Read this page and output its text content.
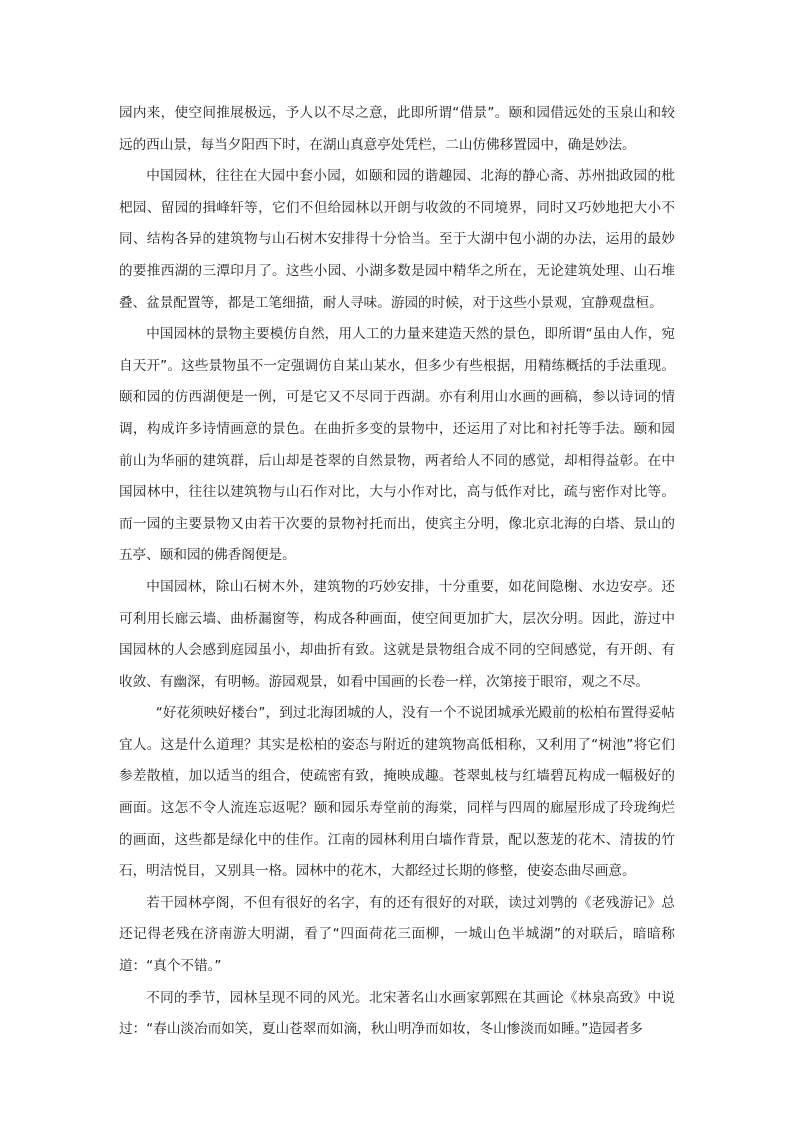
园内来，使空间推展极远，予人以不尽之意，此即所谓“借景”。颐和园借远处的玉泉山和较远的西山景，每当夕阳西下时，在湖山真意亭处凭栏，二山仿佛移置园中，确是妙法。

中国园林，往往在大园中套小园，如颐和园的谐趣园、北海的静心斋、苏州拙政园的枇杷园、留园的揖峰轩等，它们不但给园林以开朗与收敛的不同境界，同时又巧妙地把大小不同、结构各异的建筑物与山石树木安排得十分恰当。至于大湖中包小湖的办法，运用的最妙的要推西湖的三潭印月了。这些小园、小湖多数是园中精华之所在，无论建筑处理、山石堆叠、盆景配置等，都是工笔细描，耐人寻味。游园的时候，对于这些小景观，宜静观盘桓。

中国园林的景物主要模仿自然，用人工的力量来建造天然的景色，即所谓“虽由人作，宛自天开”。这些景物虽不一定强调仿自某山某水，但多少有些根据，用精练概括的手法重现。颐和园的仿西湖便是一例，可是它又不尽同于西湖。亦有利用山水画的画稿，参以诗词的情调，构成许多诗情画意的景色。在曲折多变的景物中，还运用了对比和衬托等手法。颐和园前山为华丽的建筑群，后山却是苍翠的自然景物，两者给人不同的感觉，却相得益彰。在中国园林中，往往以建筑物与山石作对比，大与小作对比，高与低作对比，疏与密作对比等。而一园的主要景物又由若干次要的景物衬托而出，使宾主分明，像北京北海的白塔、景山的五亭、颐和园的佛香阁便是。

中国园林，除山石树木外，建筑物的巧妙安排，十分重要，如花间隐榭、水边安亭。还可利用长廊云墙、曲桥漏窗等，构成各种画面，使空间更加扩大，层次分明。因此，游过中国园林的人会感到庭园虽小，却曲折有致。这就是景物组合成不同的空间感觉，有开朗、有收敛、有幽深，有明畅。游园观景，如看中国画的长卷一样，次第接于眼帘，观之不尽。

“好花须映好楼台”，到过北海团城的人，没有一个不说团城承光殿前的松柏布置得妥帖宜人。这是什么道理？其实是松柏的姿态与附近的建筑物高低相称，又利用了“树池”将它们参差散植，加以适当的组合，使疏密有致，掩映成趣。苍翠虬枝与红墙碧瓦构成一幅极好的画面。这怎不令人流连忘返呢？颐和园乐寿堂前的海棠，同样与四周的廊屋形成了玲珑绚烂的画面，这些都是绿化中的佳作。江南的园林利用白墙作背景，配以葱茏的花木、清拔的竹石，明洁悦目，又别具一格。园林中的花木，大都经过长期的修整，使姿态曲尽画意。

若干园林亭阁，不但有很好的名字，有的还有很好的对联，读过刘鹗的《老残游记》总还记得老残在济南游大明湖，看了“四面荷花三面柳，一城山色半城湖”的对联后，暗暗称道：“真个不错。”

不同的季节，园林呈现不同的风光。北宋著名山水画家郭熙在其画论《林泉高致》中说过：“春山淡冶而如笑，夏山苍翠而如滴，秋山明净而如妆，冬山惨淡而如睡。”造园者多
